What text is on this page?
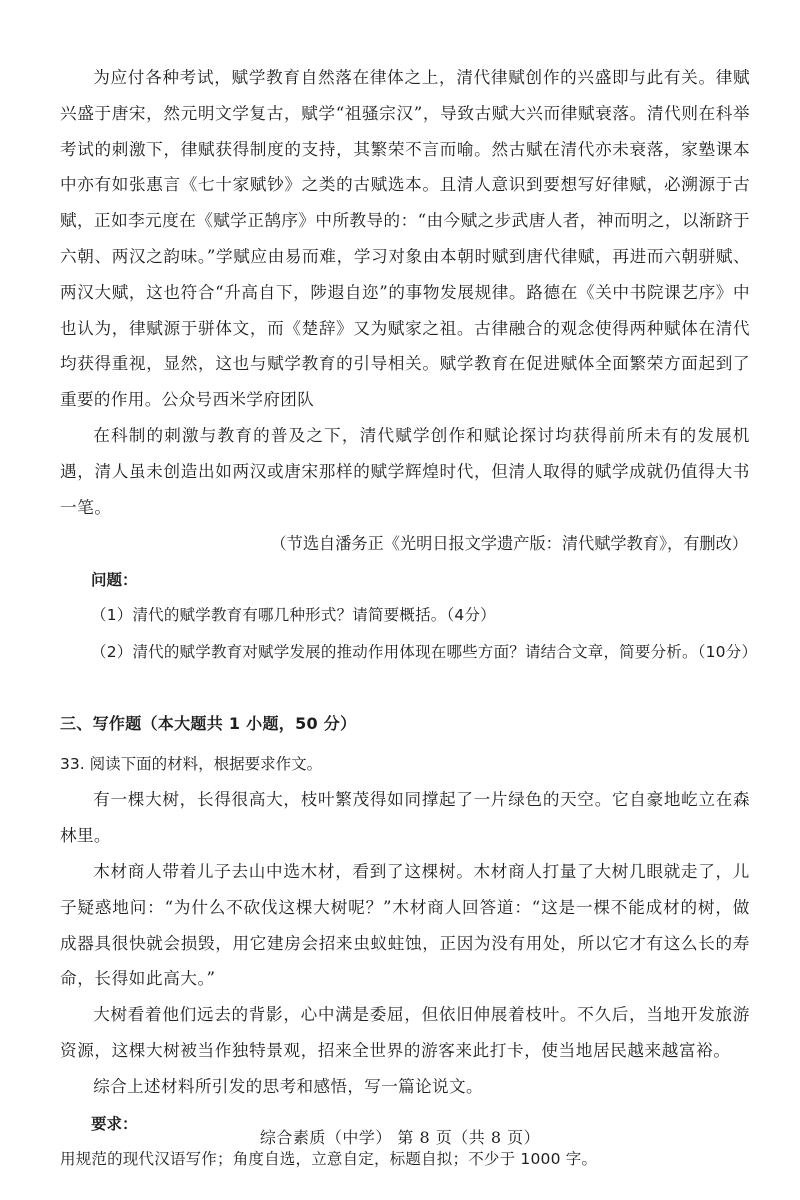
为应付各种考试，赋学教育自然落在律体之上，清代律赋创作的兴盛即与此有关。律赋兴盛于唐宋，然元明文学复古，赋学“祖骚宗汉”，导致古赋大兴而律赋衰落。清代则在科举考试的刺激下，律赋获得制度的支持，其繁荣不言而喻。然古赋在清代亦未衰落，家塾课本中亦有如张惠言《七十家赋钞》之类的古赋选本。且清人意识到要想写好律赋，必溯源于古赋，正如李元度在《赋学正鹄序》中所教导的：“由今赋之步武唐人者，神而明之，以渐跻于六朝、两汉之韵味。”学赋应由易而难，学习对象由本朝时赋到唐代律赋，再进而六朝骈赋、两汉大赋，这也符合“升高自下，陟遐自迩”的事物发展规律。路德在《关中书院课艺序》中也认为，律赋源于骈体文，而《楚辞》又为赋家之祖。古律融合的观念使得两种赋体在清代均获得重视，显然，这也与赋学教育的引导相关。赋学教育在促进赋体全面繁荣方面起到了重要的作用。公众号西米学府团队

在科制的刺激与教育的普及之下，清代赋学创作和赋论探讨均获得前所未有的发展机遇，清人虽未创造出如两汉或唐宋那样的赋学辉煌时代，但清人取得的赋学成就仍值得大书一笔。

（节选自潘务正《光明日报文学遗产版：清代赋学教育》，有删改）

问题：

（1）清代的赋学教育有哪几种形式？请简要概括。（4分）

（2）清代的赋学教育对赋学发展的推动作用体现在哪些方面？请结合文章，简要分析。（10分）

三、写作题（本大题共 1 小题，50 分）

33. 阅读下面的材料，根据要求作文。

有一棵大树，长得很高大，枝叶繁茂得如同撑起了一片绿色的天空。它自豪地屹立在森林里。

木材商人带着儿子去山中选木材，看到了这棵树。木材商人打量了大树几眼就走了，儿子疑惑地问：“为什么不砍伐这棵大树呢？”木材商人回答道：“这是一棵不能成材的树，做成器具很快就会损毁，用它建房会招来虫蚁蛀蚀，正因为没有用处，所以它才有这么长的寿命，长得如此高大。”

大树看着他们远去的背影，心中满是委屈，但依旧伸展着枝叶。不久后，当地开发旅游资源，这棵大树被当作独特景观，招来全世界的游客来此打卡，使当地居民越来越富裕。

综合上述材料所引发的思考和感悟，写一篇论说文。

要求：

用规范的现代汉语写作；角度自选，立意自定，标题自拟；不少于 1000 字。

综合素质（中学） 第 8 页（共 8 页）
